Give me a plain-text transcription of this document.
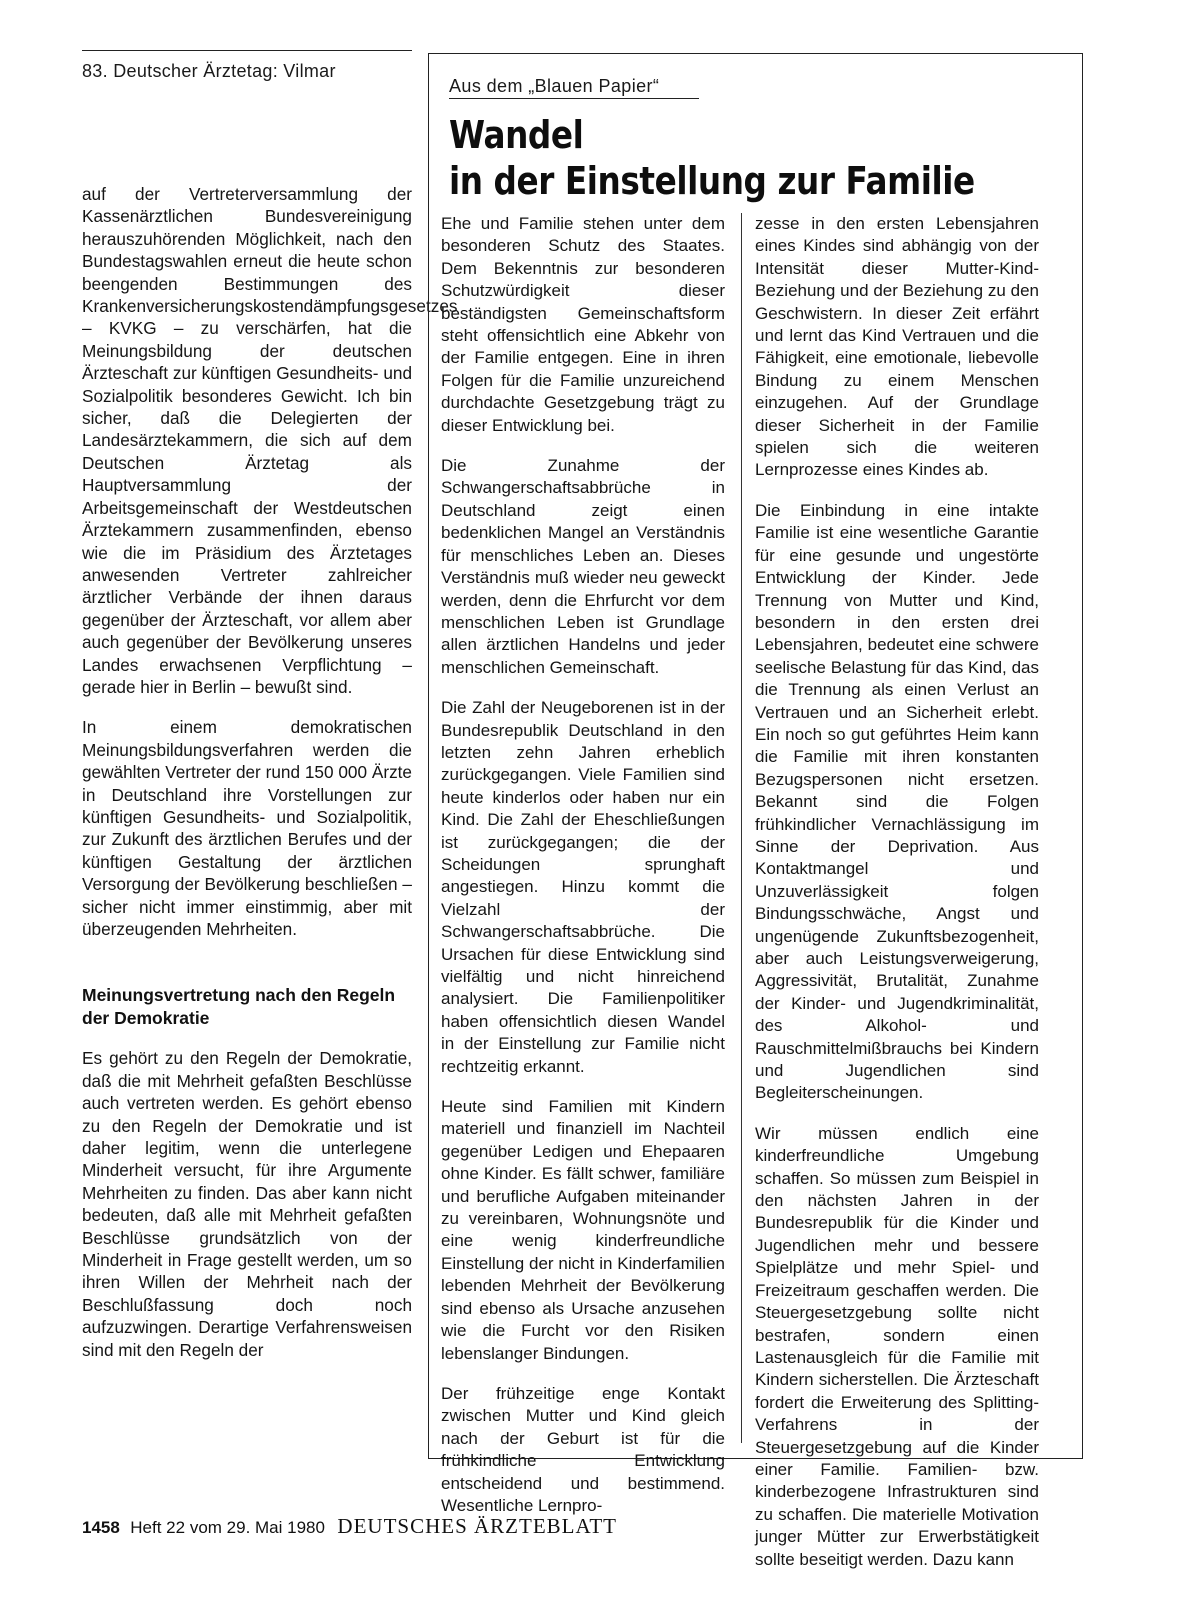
83. Deutscher Ärztetag: Vilmar

auf der Vertreterversammlung der Kassenärztlichen Bundesvereinigung herauszuhörenden Möglichkeit, nach den Bundestagswahlen erneut die heute schon beengenden Bestimmungen des Krankenversicherungskostendämpfungsgesetzes – KVKG – zu verschärfen, hat die Meinungsbildung der deutschen Ärzteschaft zur künftigen Gesundheits- und Sozialpolitik besonderes Gewicht. Ich bin sicher, daß die Delegierten der Landesärztekammern, die sich auf dem Deutschen Ärztetag als Hauptversammlung der Arbeitsgemeinschaft der Westdeutschen Ärztekammern zusammenfinden, ebenso wie die im Präsidium des Ärztetages anwesenden Vertreter zahlreicher ärztlicher Verbände der ihnen daraus gegenüber der Ärzteschaft, vor allem aber auch gegenüber der Bevölkerung unseres Landes erwachsenen Verpflichtung – gerade hier in Berlin – bewußt sind.

In einem demokratischen Meinungsbildungsverfahren werden die gewählten Vertreter der rund 150 000 Ärzte in Deutschland ihre Vorstellungen zur künftigen Gesundheits- und Sozialpolitik, zur Zukunft des ärztlichen Berufes und der künftigen Gestaltung der ärztlichen Versorgung der Bevölkerung beschließen – sicher nicht immer einstimmig, aber mit überzeugenden Mehrheiten.

Meinungsvertretung nach den Regeln der Demokratie

Es gehört zu den Regeln der Demokratie, daß die mit Mehrheit gefaßten Beschlüsse auch vertreten werden. Es gehört ebenso zu den Regeln der Demokratie und ist daher legitim, wenn die unterlegene Minderheit versucht, für ihre Argumente Mehrheiten zu finden. Das aber kann nicht bedeuten, daß alle mit Mehrheit gefaßten Beschlüsse grundsätzlich von der Minderheit in Frage gestellt werden, um so ihren Willen der Mehrheit nach der Beschlußfassung doch noch aufzuzwingen. Derartige Verfahrensweisen sind mit den Regeln der

Aus dem „Blauen Papier“
Wandel
in der Einstellung zur Familie

Ehe und Familie stehen unter dem besonderen Schutz des Staates. Dem Bekenntnis zur besonderen Schutzwürdigkeit dieser beständigsten Gemeinschaftsform steht offensichtlich eine Abkehr von der Familie entgegen. Eine in ihren Folgen für die Familie unzureichend durchdachte Gesetzgebung trägt zu dieser Entwicklung bei.

Die Zunahme der Schwangerschaftsabbrüche in Deutschland zeigt einen bedenklichen Mangel an Verständnis für menschliches Leben an. Dieses Verständnis muß wieder neu geweckt werden, denn die Ehrfurcht vor dem menschlichen Leben ist Grundlage allen ärztlichen Handelns und jeder menschlichen Gemeinschaft.

Die Zahl der Neugeborenen ist in der Bundesrepublik Deutschland in den letzten zehn Jahren erheblich zurückgegangen. Viele Familien sind heute kinderlos oder haben nur ein Kind. Die Zahl der Eheschließungen ist zurückgegangen; die der Scheidungen sprunghaft angestiegen. Hinzu kommt die Vielzahl der Schwangerschaftsabbrüche. Die Ursachen für diese Entwicklung sind vielfältig und nicht hinreichend analysiert. Die Familienpolitiker haben offensichtlich diesen Wandel in der Einstellung zur Familie nicht rechtzeitig erkannt.

Heute sind Familien mit Kindern materiell und finanziell im Nachteil gegenüber Ledigen und Ehepaaren ohne Kinder. Es fällt schwer, familiäre und berufliche Aufgaben miteinander zu vereinbaren, Wohnungsnöte und eine wenig kinderfreundliche Einstellung der nicht in Kinderfamilien lebenden Mehrheit der Bevölkerung sind ebenso als Ursache anzusehen wie die Furcht vor den Risiken lebenslanger Bindungen.

Der frühzeitige enge Kontakt zwischen Mutter und Kind gleich nach der Geburt ist für die frühkindliche Entwicklung entscheidend und bestimmend. Wesentliche Lernpro-

zesse in den ersten Lebensjahren eines Kindes sind abhängig von der Intensität dieser Mutter-Kind-Beziehung und der Beziehung zu den Geschwistern. In dieser Zeit erfährt und lernt das Kind Vertrauen und die Fähigkeit, eine emotionale, liebevolle Bindung zu einem Menschen einzugehen. Auf der Grundlage dieser Sicherheit in der Familie spielen sich die weiteren Lernprozesse eines Kindes ab.

Die Einbindung in eine intakte Familie ist eine wesentliche Garantie für eine gesunde und ungestörte Entwicklung der Kinder. Jede Trennung von Mutter und Kind, besondern in den ersten drei Lebensjahren, bedeutet eine schwere seelische Belastung für das Kind, das die Trennung als einen Verlust an Vertrauen und an Sicherheit erlebt. Ein noch so gut geführtes Heim kann die Familie mit ihren konstanten Bezugspersonen nicht ersetzen. Bekannt sind die Folgen frühkindlicher Vernachlässigung im Sinne der Deprivation. Aus Kontaktmangel und Unzuverlässigkeit folgen Bindungsschwäche, Angst und ungenügende Zukunftsbezogenheit, aber auch Leistungsverweigerung, Aggressivität, Brutalität, Zunahme der Kinder- und Jugendkriminalität, des Alkohol- und Rauschmittelmißbrauchs bei Kindern und Jugendlichen sind Begleiterscheinungen.

Wir müssen endlich eine kinderfreundliche Umgebung schaffen. So müssen zum Beispiel in den nächsten Jahren in der Bundesrepublik für die Kinder und Jugendlichen mehr und bessere Spielplätze und mehr Spiel- und Freizeitraum geschaffen werden. Die Steuergesetzgebung sollte nicht bestrafen, sondern einen Lastenausgleich für die Familie mit Kindern sicherstellen. Die Ärzteschaft fordert die Erweiterung des Splitting-Verfahrens in der Steuergesetzgebung auf die Kinder einer Familie. Familien- bzw. kinderbezogene Infrastrukturen sind zu schaffen. Die materielle Motivation junger Mütter zur Erwerbstätigkeit sollte beseitigt werden. Dazu kann

1458 Heft 22 vom 29. Mai 1980 DEUTSCHES ÄRZTEBLATT
